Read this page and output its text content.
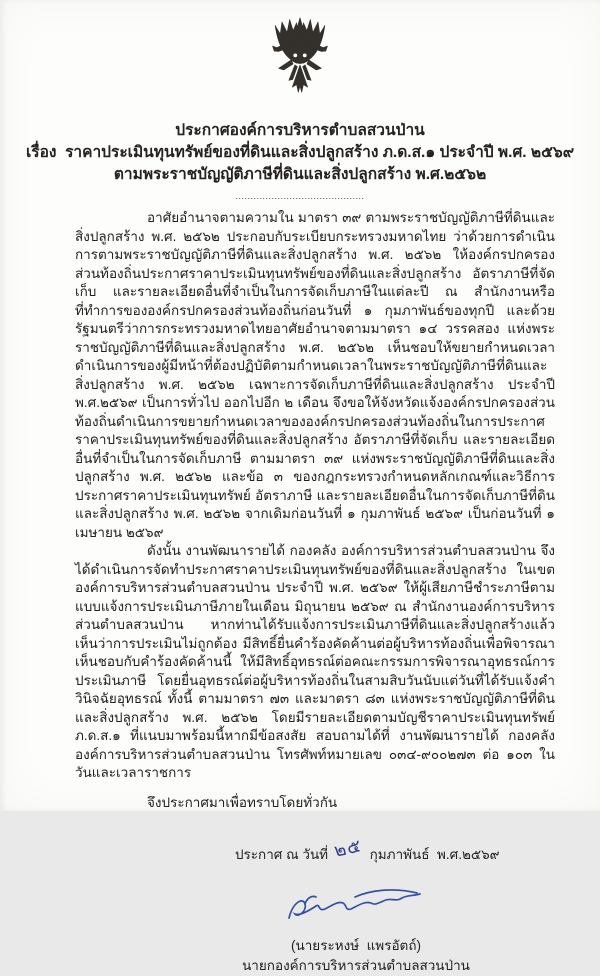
ประกาศองค์การบริหารตำบลสวนป่าน
เรื่อง  ราคาประเมินทุนทรัพย์ของที่ดินและสิ่งปลูกสร้าง ภ.ด.ส.๑ ประจำปี พ.ศ. ๒๕๖๙
ตามพระราชบัญญัติภาษีที่ดินและสิ่งปลูกสร้าง พ.ศ.๒๕๖๒
...........................................

อาศัยอำนาจตามความใน มาตรา ๓๙ ตามพระราชบัญญัติภาษีที่ดินและสิ่งปลูกสร้าง พ.ศ. ๒๕๖๒ ประกอบกับระเบียบกระทรวงมหาดไทย ว่าด้วยการดำเนินการตามพระราชบัญญัติภาษีที่ดินและสิ่งปลูกสร้าง พ.ศ. ๒๕๖๒ ให้องค์กรปกครองส่วนท้องถิ่นประกาศราคาประเมินทุนทรัพย์ของที่ดินและสิ่งปลูกสร้าง อัตราภาษีที่จัดเก็บ และรายละเอียดอื่นที่จำเป็นในการจัดเก็บภาษีในแต่ละปี ณ สำนักงานหรือที่ทำการขององค์กรปกครองส่วนท้องถิ่นก่อนวันที่ ๑ กุมภาพันธ์ของทุกปี และด้วยรัฐมนตรีว่าการกระทรวงมหาดไทยอาศัยอำนาจตามมาตรา ๑๔ วรรคสอง แห่งพระราชบัญญัติภาษีที่ดินและสิ่งปลูกสร้าง พ.ศ. ๒๕๖๒ เห็นชอบให้ขยายกำหนดเวลาดำเนินการของผู้มีหน้าที่ต้องปฏิบัติตามกำหนดเวลาในพระราชบัญญัติภาษีที่ดินและสิ่งปลูกสร้าง พ.ศ. ๒๕๖๒ เฉพาะการจัดเก็บภาษีที่ดินและสิ่งปลูกสร้าง ประจำปี พ.ศ.๒๕๖๙ เป็นการทั่วไป ออกไปอีก ๒ เดือน จึงขอให้จังหวัดแจ้งองค์กรปกครองส่วนท้องถิ่นดำเนินการขยายกำหนดเวลาขององค์กรปกครองส่วนท้องถิ่นในการประกาศราคาประเมินทุนทรัพย์ของที่ดินและสิ่งปลูกสร้าง อัตราภาษีที่จัดเก็บ และรายละเอียดอื่นที่จำเป็นในการจัดเก็บภาษี ตามมาตรา ๓๙ แห่งพระราชบัญญัติภาษีที่ดินและสิ่งปลูกสร้าง พ.ศ. ๒๕๖๒ และข้อ ๓ ของกฎกระทรวงกำหนดหลักเกณฑ์และวิธีการประกาศราคาประเมินทุนทรัพย์ อัตราภาษี และรายละเอียดอื่นในการจัดเก็บภาษีที่ดินและสิ่งปลูกสร้าง พ.ศ. ๒๕๖๒ จากเดิมก่อนวันที่ ๑ กุมภาพันธ์ ๒๕๖๙ เป็นก่อนวันที่ ๑ เมษายน ๒๕๖๙

ดังนั้น งานพัฒนารายได้ กองคลัง องค์การบริหารส่วนตำบลสวนป่าน จึงได้ดำเนินการจัดทำประกาศราคาประเมินทุนทรัพย์ของที่ดินและสิ่งปลูกสร้าง ในเขตองค์การบริหารส่วนตำบลสวนป่าน ประจำปี พ.ศ. ๒๕๖๙ ให้ผู้เสียภาษีชำระภาษีตามแบบแจ้งการประเมินภาษีภายในเดือน มิถุนายน ๒๕๖๙ ณ สำนักงานองค์การบริหารส่วนตำบลสวนป่าน หากท่านได้รับแจ้งการประเมินภาษีที่ดินและสิ่งปลูกสร้างแล้ว เห็นว่าการประเมินไม่ถูกต้อง มีสิทธิ์ยื่นคำร้องคัดค้านต่อผู้บริหารท้องถิ่นเพื่อพิจารณาเห็นชอบกับคำร้องคัดค้านนี้ ให้มีสิทธิ์อุทธรณ์ต่อคณะกรรมการพิจารณาอุทธรณ์การประเมินภาษี โดยยื่นอุทธรณ์ต่อผู้บริหารท้องถิ่นในสามสิบวันนับแต่วันที่ได้รับแจ้งคำวินิจฉัยอุทธรณ์ ทั้งนี้ ตามมาตรา ๗๓ และมาตรา ๘๓ แห่งพระราชบัญญัติภาษีที่ดินและสิ่งปลูกสร้าง พ.ศ. ๒๕๖๒ โดยมีรายละเอียดตามบัญชีราคาประเมินทุนทรัพย์ ภ.ด.ส.๑ ที่แนบมาพร้อมนี้หากมีข้อสงสัย สอบถามได้ที่ งานพัฒนารายได้ กองคลัง องค์การบริหารส่วนตำบลสวนป่าน โทรศัพท์หมายเลข ๐๓๔-๙๐๐๒๗๓ ต่อ ๑๐๓ ในวันและเวลาราชการ

จึงประกาศมาเพื่อทราบโดยทั่วกัน

ประกาศ ณ วันที่ ๒๕ กุมภาพันธ์  พ.ศ.๒๕๖๙

(นายระหงษ์  แพรอัตถ์)
นายกองค์การบริหารส่วนตำบลสวนป่าน
